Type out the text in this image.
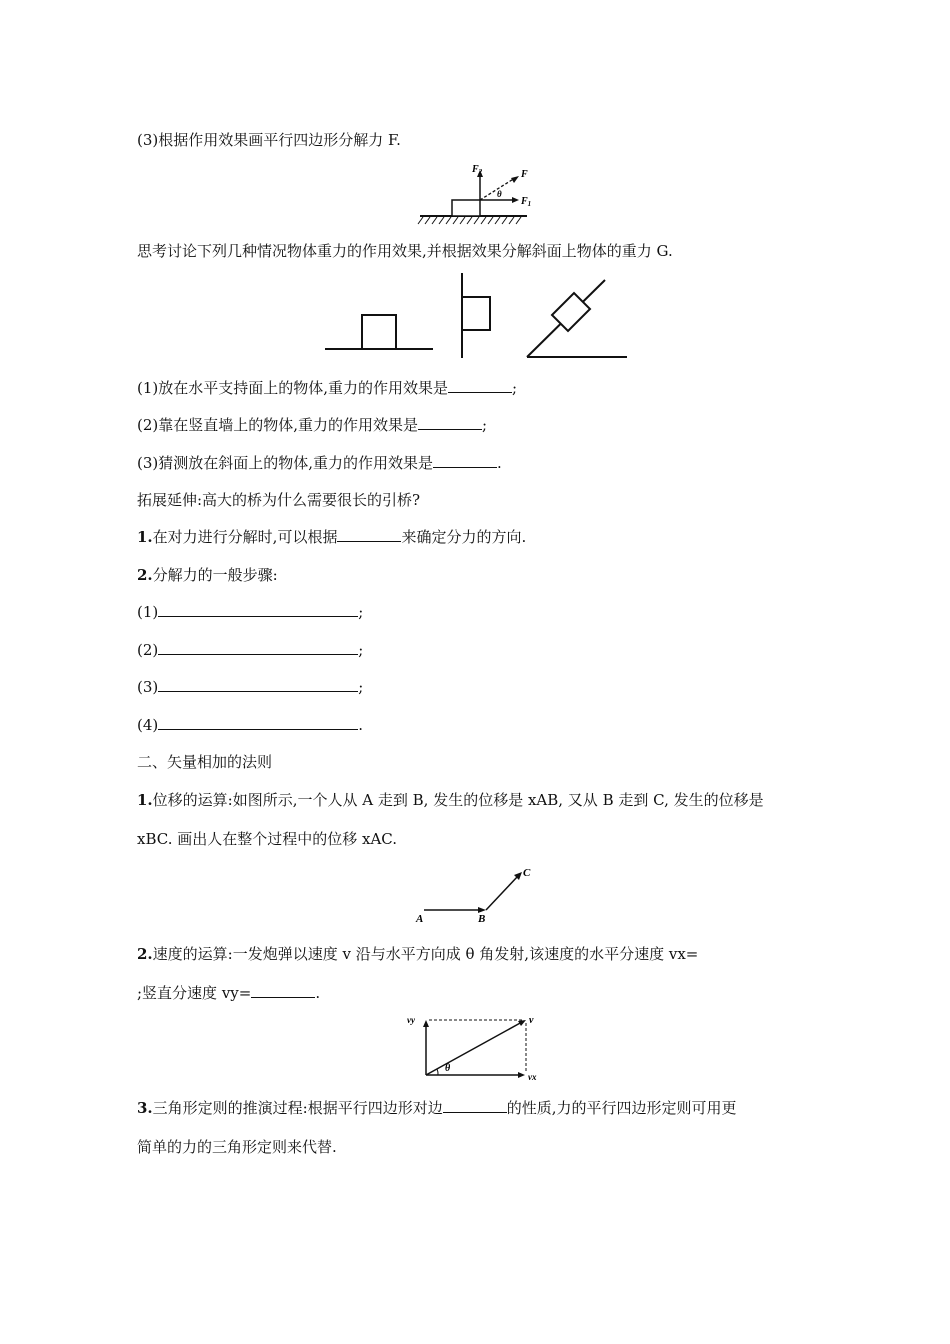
(3)根据作用效果画平行四边形分解力 F.
$F_2$	F
θ
$F_1$
思考讨论下列几种情况物体重力的作用效果,并根据效果分解斜面上物体的重力 G.
(1)放在水平支持面上的物体,重力的作用效果是	;
(2)靠在竖直墙上的物体,重力的作用效果是	;
(3)猜测放在斜面上的物体,重力的作用效果是	.
拓展延伸:高大的桥为什么需要很长的引桥?
1.在对力进行分解时,可以根据	来确定分力的方向.
2.分解力的一般步骤:
(1)	;
(2)	;
(3)	;
(4)	.
二、矢量相加的法则
1.位移的运算:如图所示,一个人从 A 走到 B, 发生的位移是 xAB, 又从 B 走到 C, 发生的位移是
xBC. 画出人在整个过程中的位移 xAC.
A	B
C
2.速度的运算:一发炮弹以速度 v 沿与水平方向成 θ 角发射,该速度的水平分速度 vx=
;竖直分速度 vy=	.
θ
vy	v
vx
3.三角形定则的推演过程:根据平行四边形对边	的性质,力的平行四边形定则可用更
简单的力的三角形定则来代替.
